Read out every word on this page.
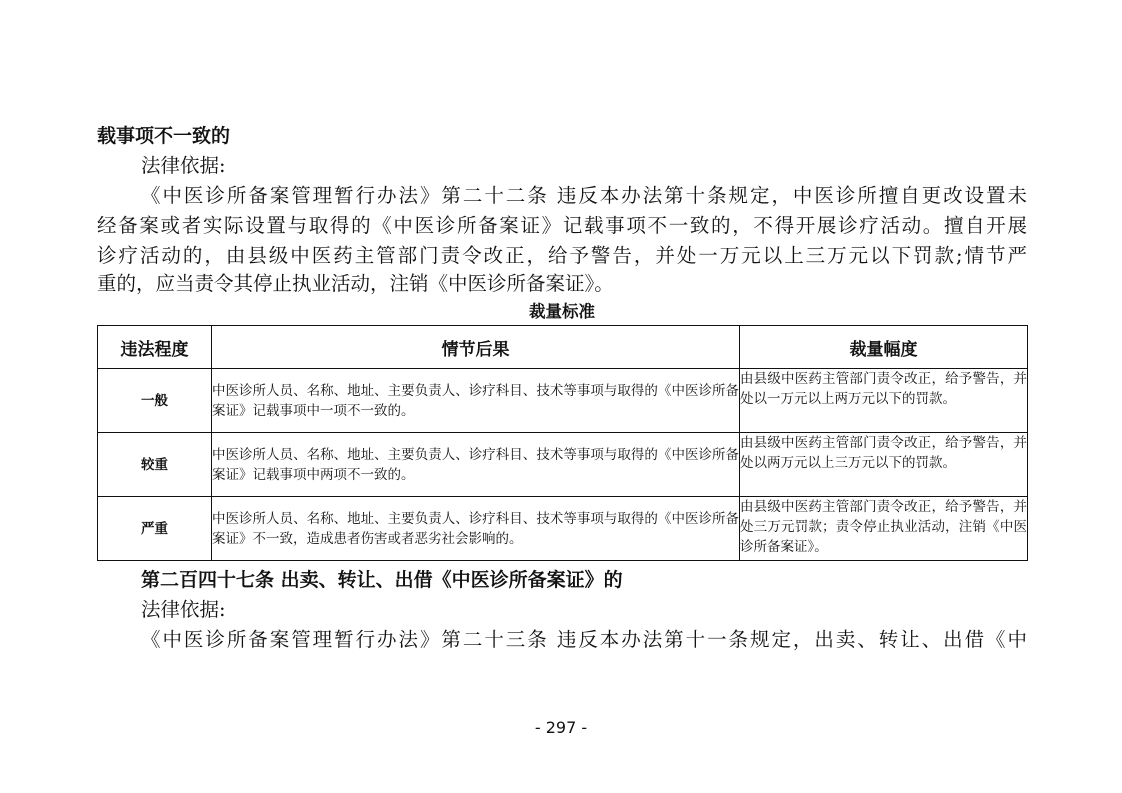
载事项不一致的
法律依据:
《中医诊所备案管理暂行办法》第二十二条 违反本办法第十条规定，中医诊所擅自更改设置未
经备案或者实际设置与取得的《中医诊所备案证》记载事项不一致的，不得开展诊疗活动。擅自开展
诊疗活动的，由县级中医药主管部门责令改正，给予警告，并处一万元以上三万元以下罚款;情节严
重的，应当责令其停止执业活动，注销《中医诊所备案证》。
裁量标准
违法程度	情节后果	裁量幅度
一般	中医诊所人员、名称、地址、主要负责人、诊疗科目、技术等事项与取得的《中医诊所备案证》记载事项中一项不一致的。	由县级中医药主管部门责令改正，给予警告，并处以一万元以上两万元以下的罚款。
较重	中医诊所人员、名称、地址、主要负责人、诊疗科目、技术等事项与取得的《中医诊所备案证》记载事项中两项不一致的。	由县级中医药主管部门责令改正，给予警告，并处以两万元以上三万元以下的罚款。
严重	中医诊所人员、名称、地址、主要负责人、诊疗科目、技术等事项与取得的《中医诊所备案证》不一致，造成患者伤害或者恶劣社会影响的。	由县级中医药主管部门责令改正，给予警告，并处三万元罚款；责令停止执业活动，注销《中医诊所备案证》。
第二百四十七条 出卖、转让、出借《中医诊所备案证》的
法律依据:
《中医诊所备案管理暂行办法》第二十三条 违反本办法第十一条规定，出卖、转让、出借《中
- 297 -
